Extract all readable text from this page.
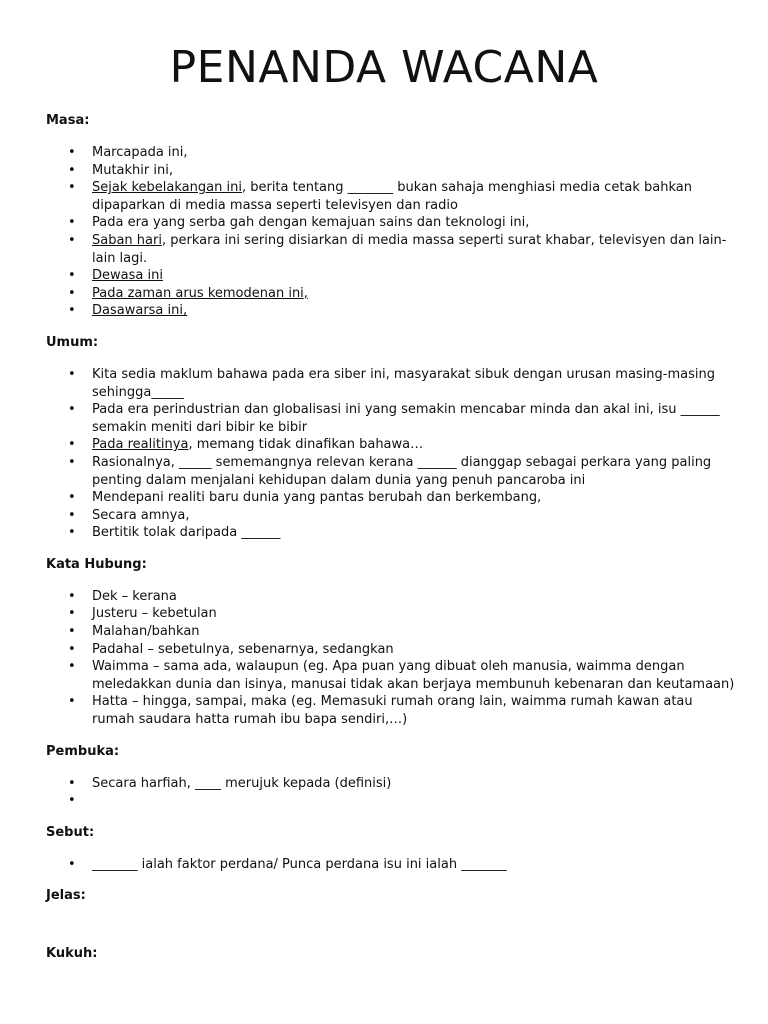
PENANDA WACANA
Masa:
• Marcapada ini,
• Mutakhir ini,
• Sejak kebelakangan ini, berita tentang _______ bukan sahaja menghiasi media cetak bahkan dipaparkan di media massa seperti televisyen dan radio
• Pada era yang serba gah dengan kemajuan sains dan teknologi ini,
• Saban hari, perkara ini sering disiarkan di media massa seperti surat khabar, televisyen dan lain-lain lagi.
• Dewasa ini
• Pada zaman arus kemodenan ini,
• Dasawarsa ini,
Umum:
• Kita sedia maklum bahawa pada era siber ini, masyarakat sibuk dengan urusan masing-masing sehingga_____
• Pada era perindustrian dan globalisasi ini yang semakin mencabar minda dan akal ini, isu ______ semakin meniti dari bibir ke bibir
• Pada realitinya, memang tidak dinafikan bahawa…
• Rasionalnya, _____ sememangnya relevan kerana ______ dianggap sebagai perkara yang paling penting dalam menjalani kehidupan dalam dunia yang penuh pancaroba ini
• Mendepani realiti baru dunia yang pantas berubah dan berkembang,
• Secara amnya,
• Bertitik tolak daripada ______
Kata Hubung:
• Dek – kerana
• Justeru – kebetulan
• Malahan/bahkan
• Padahal – sebetulnya, sebenarnya, sedangkan
• Waimma – sama ada, walaupun (eg. Apa puan yang dibuat oleh manusia, waimma dengan meledakkan dunia dan isinya, manusai tidak akan berjaya membunuh kebenaran dan keutamaan)
• Hatta – hingga, sampai, maka (eg. Memasuki rumah orang lain, waimma rumah kawan atau rumah saudara hatta rumah ibu bapa sendiri,…)
Pembuka:
• Secara harfiah, ____ merujuk kepada (definisi)
•
Sebut:
• _______ ialah faktor perdana/ Punca perdana isu ini ialah _______
Jelas:
Kukuh:
